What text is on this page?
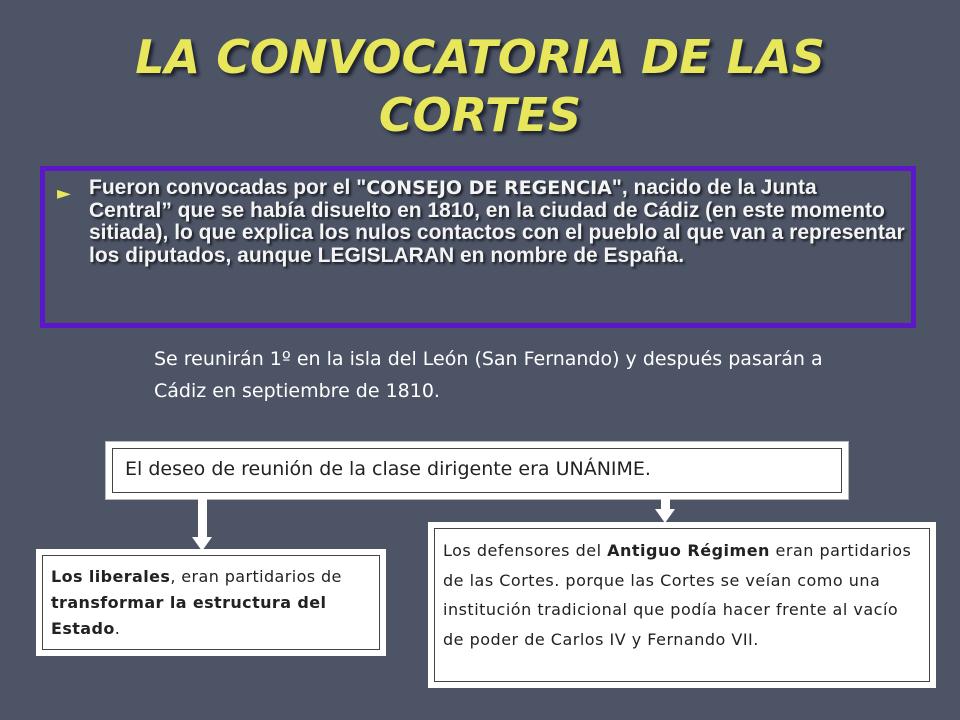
LA CONVOCATORIA DE LAS CORTES
► Fueron convocadas por el "CONSEJO DE REGENCIA", nacido de la Junta Central” que se había disuelto en 1810, en la ciudad de Cádiz (en este momento sitiada), lo que explica los nulos contactos con el pueblo al que van a representar los diputados, aunque LEGISLARAN en nombre de España.
Se reunirán 1º en la isla del León (San Fernando) y después pasarán a Cádiz en septiembre de 1810.
El deseo de reunión de la clase dirigente era UNÁNIME.
Los liberales, eran partidarios de transformar la estructura del Estado.
Los defensores del Antiguo Régimen eran partidarios de las Cortes. porque las Cortes se veían como una institución tradicional que podía hacer frente al vacío de poder de Carlos IV y Fernando VII.
